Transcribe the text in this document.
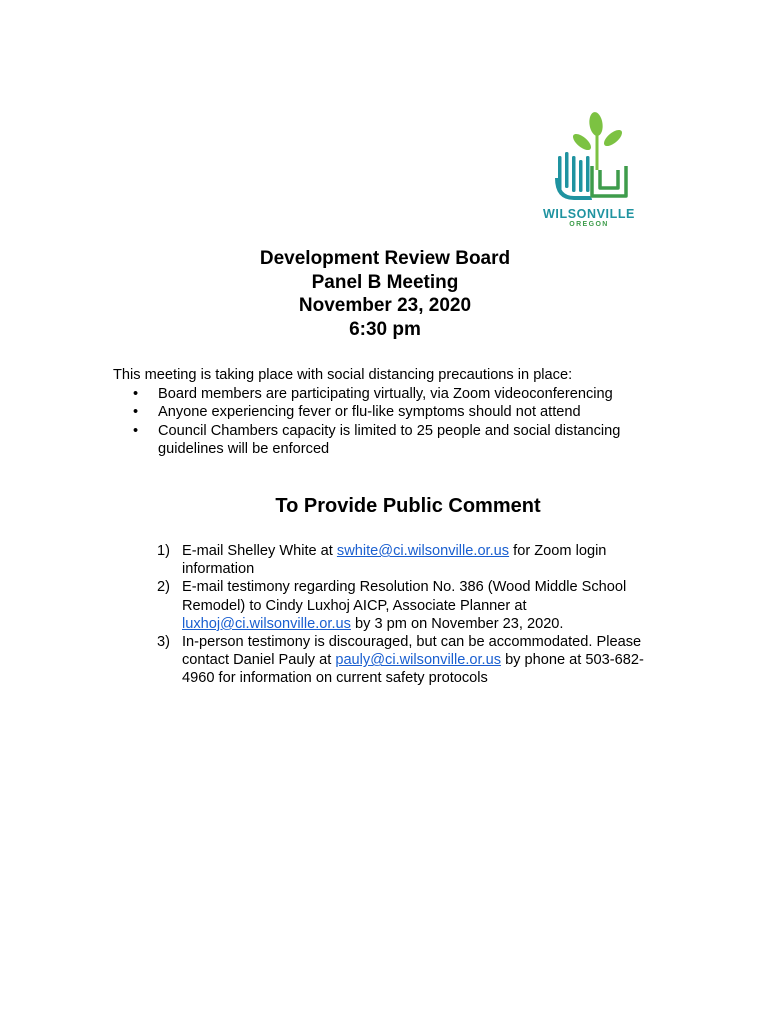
WILSONVILLE
OREGON
Development Review Board
Panel B Meeting
November 23, 2020
6:30 pm
This meeting is taking place with social distancing precautions in place:
• Board members are participating virtually, via Zoom videoconferencing
• Anyone experiencing fever or flu-like symptoms should not attend
• Council Chambers capacity is limited to 25 people and social distancing guidelines will be enforced
To Provide Public Comment
1) E-mail Shelley White at swhite@ci.wilsonville.or.us for Zoom login information
2) E-mail testimony regarding Resolution No. 386 (Wood Middle School Remodel) to Cindy Luxhoj AICP, Associate Planner at luxhoj@ci.wilsonville.or.us by 3 pm on November 23, 2020.
3) In-person testimony is discouraged, but can be accommodated. Please contact Daniel Pauly at pauly@ci.wilsonville.or.us by phone at 503-682-4960 for information on current safety protocols
